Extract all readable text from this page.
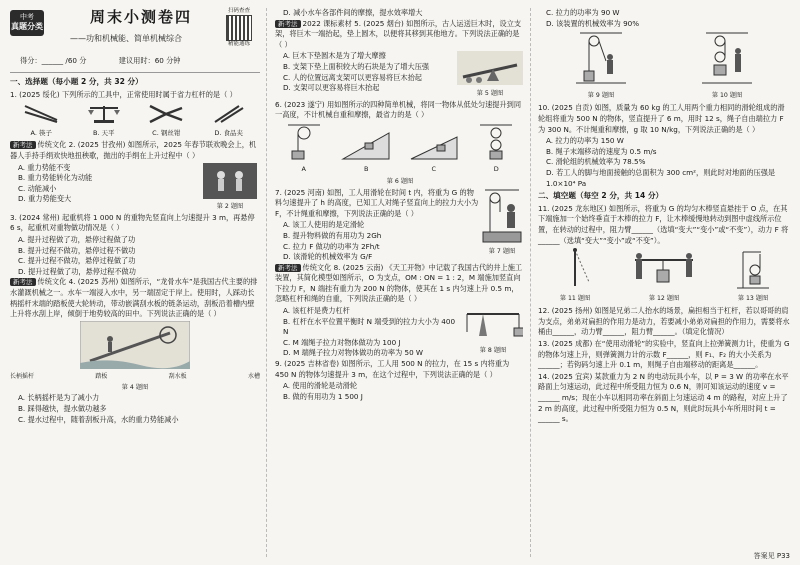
中考
真题分类
周末小测卷四
——功和机械能、简单机械综合
扫码查查
精能通练
得分：______ /60 分	建议用时：60 分钟
一、选择题（每小题 2 分，共 32 分）
1. (2025 绥化) 下列所示的工具中，正常使用时属于省力杠杆的是（ ）
A. 筷子	B. 天平	C. 钢丝钳	D. 食品夹
新考法 传统文化 2. (2025 甘孜州) 如图所示，2025 年春节联欢晚会上，机器人手持手绢欢快地扭秧歌，抛出的手绢在上升过程中（ ）
A. 重力势能不变
B. 重力势能转化为动能
C. 动能减小
D. 重力势能变大
第 2 题图
3. (2024 常州) 起重机将 1 000 N 的重物先竖直向上匀速提升 3 m，再悬停 6 s，起重机对重物做功情况是（ ）
A. 提升过程做了功，悬停过程做了功
B. 提升过程不做功，悬停过程不做功
C. 提升过程不做功，悬停过程做了功
D. 提升过程做了功，悬停过程不做功
新考法 传统文化 4. (2025 苏州) 如图所示，“龙骨水车”是我国古代主要的排水灌溉机械之一。水车一端浸入水中，另一端固定于岸上。使用时，人踩动长柄摇杆末端的踏板使大轮转动，带动嵌满刮水板的链条运动，刮板沿着槽内壁上升将水刮上岸，倾倒于地势较高的田中。下列说法正确的是（ ）
长柄摇杆	踏板	刮水板	水槽
第 4 题图
A. 长柄摇杆是为了减小力
B. 踩得越快，提水做功越多
C. 提水过程中，随着刮板升高，水的重力势能减小
D. 减小水车各部件间的摩擦，提水效率增大
新考法 2022 课标素材 5. (2025 烟台) 如图所示，古人运送巨木时，设立支架，将巨木一端抬起，垫上圆木，以便将其移到其他地方。下列说法正确的是（ ）
A. 巨木下垫圆木是为了增大摩擦
B. 支架下垫上面积较大的石块是为了增大压强
C. 人的位置远离支架可以更容易将巨木抬起
D. 支架可以更容易将巨木抬起
第 5 题图
6. (2023 遂宁) 用如图所示的四种简单机械，将同一物体从低处匀速提升到同一高度，不计机械自重和摩擦，最省力的是（ ）
A	B	C	D
第 6 题图
7. (2025 河南) 如图，工人用滑轮在时间 t 内，将重为 G 的物料匀速提升了 h 的高度，已知工人对绳子竖直向上的拉力大小为 F，不计绳重和摩擦，下列说法正确的是（ ）
A. 该工人使用的是定滑轮
B. 提升物料做的有用功为 2Gh
C. 拉力 F 做功的功率为 2Fh/t
D. 该滑轮的机械效率为 G/F
第 7 题图
新考法 传统文化 8. (2025 云南) 《天工开物》中记载了我国古代的井上施工装置，其简化模型如图所示，O 为支点，OM : ON = 1 : 2，M 端施加竖直向下拉力 F，N 端挂有重力为 200 N 的物体，使其在 1 s 内匀速上升 0.5 m，忽略杠杆和绳的自重，下列说法正确的是（ ）
A. 该杠杆是费力杠杆
B. 杠杆在水平位置平衡时 N 端受到的拉力大小为 400 N
C. M 端绳子拉力对物体做功为 100 J
D. M 端绳子拉力对物体做功的功率为 50 W	第 8 题图
9. (2025 吉林省卷) 如图所示，工人用 500 N 的拉力，在 15 s 内将重为 450 N 的物体匀速提升 3 m，在这个过程中，下列说法正确的是（ ）
A. 使用的滑轮是动滑轮
B. 做的有用功为 1 500 J
C. 拉力的功率为 90 W
D. 该装置的机械效率为 90%
第 9 题图	第 10 题图
10. (2025 自贡) 如图，质量为 60 kg 的工人用两个重力相同的滑轮组成的滑轮组将重为 500 N 的物体，竖直提升了 6 m，用时 12 s，绳子自由端拉力 F 为 300 N。不计绳重和摩擦，g 取 10 N/kg，下列说法正确的是（ ）
A. 拉力的功率为 150 W
B. 绳子末端移动的速度为 0.5 m/s
C. 滑轮组的机械效率为 78.5%
D. 若工人的脚与地面接触的总面积为 300 cm²，则此时对地面的压强是 1.0×10⁴ Pa
二、填空题（每空 2 分，共 14 分）
11. (2025 龙东地区) 如图所示，将重为 G 的均匀木棒竖直悬挂于 O 点，在其下端施加一个始终垂直于木棒的拉力 F，让木棒缓慢地转动到图中虚线所示位置，在转动的过程中，阻力臂______（选填“变大”“变小”或“不变”），动力 F 将______（选填“变大”“变小”或“不变”）。
第 11 题图	第 12 题图	第 13 题图
12. (2025 扬州) 如图是兄弟二人抬水的场景，扁担相当于杠杆，若以哥哥的肩为支点，弟弟对扁担的作用力是动力，若要减小弟弟对扁担的作用力，需要将水桶由______，动力臂______，阻力臂______。（填定化情况）
13. (2025 成都) 在“使用动滑轮”的实验中，竖直向上拉弹簧测力计，使重为 G 的物体匀速上升，则弹簧测力计的示数 F______，则 F₁、F₂ 的大小关系为______；若钩码匀速上升 0.1 m，则绳子自由端移动的距离是______。
14. (2025 宜宾) 某款重力为 2 N 的电动玩具小车，以 P = 3 W 的功率在水平路面上匀速运动，此过程中所受阻力恒为 0.6 N，则可知该运动的速度 v = ______ m/s；现在小车以相同功率在斜面上匀速运动 4 m 的路程，对应上升了 2 m 的高度，此过程中所受阻力恒为 0.5 N，则此时玩具小车所用时间 t = ______ s。
答案见 P33
